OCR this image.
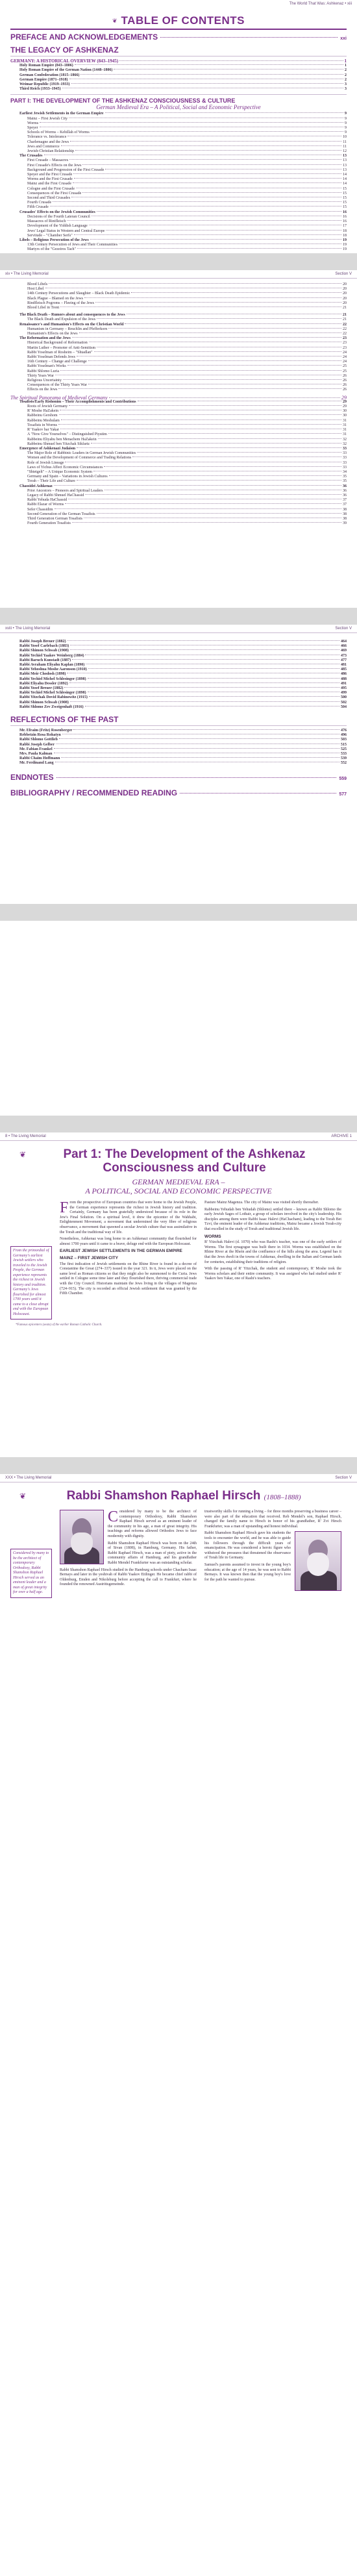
The World That Was: Ashkenaz • xiii
❦ TABLE OF CONTENTS
PREFACE AND ACKNOWLEDGEMENTS	xxi
THE LEGACY OF ASHKENAZ
GERMANY: A HISTORICAL OVERVIEW (843–1945)	1
Holy Roman Empire (843–1806)	1
Holy Roman Empire of the German Nation (1448–1806)	2
German Confederation (1815–1866)	2
German Empire (1871–1918)	2
Weimar Republic (1919–1933)	3
Third Reich (1933–1945)	3
PART I: THE DEVELOPMENT OF THE ASHKENAZ CONSCIOUSNESS & CULTURE
German Medieval Era – A Political, Social and Economic Perspective
Earliest Jewish Settlements in the German Empire	9
Mainz – First Jewish City	9
Worms	9
Speyer	9
Schools of Worms – Kehillah of Worms	9
Tolerance vs. Intolerance	10
Charlemagne and the Jews	11
Jews and Commerce	11
Jewish-Christian Relationship	12
The Crusades	13
First Crusade – Massacres	13
First Crusade's Effects on the Jews	13
Background and Progression of the First Crusade	13
Speyer and the First Crusade	14
Worms and the First Crusade	14
Mainz and the First Crusade	14
Cologne and the First Crusade	15
Consequences of the First Crusade	15
Second and Third Crusades	15
Fourth Crusade	15
Fifth Crusade	15
Crusades' Effects on the Jewish Communities	16
Decisions of the Fourth Lateran Council	16
Massacres of Rintfleisch	16
Development of the Yiddish Language	17
Jews' Legal Status in Western and Central Europe	18
Servitude – "Chamber Serfs"	18
Libels – Religious Persecution of the Jews	19
13th Century Persecution of Jews and Their Communities	19
Martyrs of the "Gezeiros Tach"	19
xiv • The Living Memorial	Section V
Blood Libels	20
Host Libel	20
14th Century Persecutions and Slaughter – Black Death Epidemic	20
Black Plague – Blamed on the Jews	20
Rindfleisch Pogroms – Fleeing of the Jews	20
Blood Libel in Trent	21
The Black Death – Rumors about and consequences to the Jews	21
The Black Death and Expulsion of the Jews	21
Renaissance's and Humanism's Effects on the Christian World	22
Humanism in Germany – Reuchlin and Pfefferkorn	22
Humanism's Effects on the Jews	22
The Reformation and the Jews	23
Historical Background of Reformation	23
Martin Luther – Promoter of Anti-Semitism	23
Rabbi Yoselman of Rosheim – "Shtadlan"	24
Rabbi Yoselman Defends Jews	24
16th Century – Change and Challenge	24
Rabbi Yoselman's Works	25
Rabbi Shlomo Luria	25
Thirty Years War	26
Religious Uncertainty	26
Consequences of the Thirty Years War	26
Effects on the Jews	26
The Spiritual Panorama of Medieval Germany	29
Tosafists/Early Rishonim – Their Accomplishments and Contributions	29
Roots of Jewish Germany	29
R' Moshe HaZakein	30
Rabbeinu Gershom	30
Rabbeinu Meshulam	31
Tosafists in Worms	31
R' Yaakov bar Yakar	31
A "Now Give Yourselves" – Distinguished Piyutim	31
Rabbeinu Eliyahu ben Menachem HaZakein	32
Rabbeinu Shmuel ben Yitzchak Sikfartz	32
Emergence of Ashkenazi Judaism	33
The Major Role of Rabbinic Leaders in German Jewish Communities	33
Women and the Development of Commerce and Trading Relations	33
Role of Jewish Lineage	33
Laws of Yichus Affect Economic Circumstances	33
"Shtetgelt" – A Unique Economic System	34
Germany and Spain – Variations in Jewish Cultures	35
Torah – Their Life and Culture	35
Chassidei Ashkenaz	36
Prior Ancestors – Pioneers and Spiritual Leaders	36
Legacy of Rabbi Shmuel HaChassid	36
Rabbi Yehuda HaChassid	37
Rabbi Elazar of Worms	37
Sefer Chassidim	38
Second Generation of the German Tosafists	38
Third Generation German Tosafists	38
Fourth Generation Tosafists	39
xviii • The Living Memorial	Section V
Rabbi Joseph Breuer (1882)	464
Rabbi Yosef Carlebach (1883)	466
Rabbi Shimon Schwab (1908)	469
Rabbi Yechiel Yaakov Weinberg (1884)	473
Rabbi Baruch Kunstadt (1887)	477
Rabbi Avraham Eliyahu Kaplan (1890)	481
Rabbi Yehoshua Moshe Aaronson (1910)	485
Rabbi Meir Chodosh (1898)	486
Rabbi Yechiel Michel Schlesinger (1898)	488
Rabbi Eliyahu Dessler (1892)	491
Rabbi Yosef Breuer (1882)	495
Rabbi Yechiel Michel Schlesinger (1898)	499
Rabbi Yitzchak Dovid Rabinowitz (1915)	500
Rabbi Shimon Schwab (1908)	502
Rabbi Shlomo Zev Zweigenhaft (1916)	504
REFLECTIONS OF THE PAST
Mr. Efraim (Fritz) Rosenberger	476
Rebbetzin Rosa Rohatyn	496
Rabbi Shlomo Gottlieb	503
Rabbi Joseph Gelber	515
Mr. Fabian Frankel	525
Mrs. Paula Kalman	533
Rabbi Chaim Hoffmann	539
Mr. Ferdinand Lang	552
ENDNOTES	559
BIBLIOGRAPHY / RECOMMENDED READING	577
8 • The Living Memorial	ARCHIVE 1
❦	Part 1: The Development of the Ashkenaz Consciousness and Culture
GERMAN MEDIEVAL ERA –
A POLITICAL, SOCIAL AND ECONOMIC PERSPECTIVE
From the primordial of Germany's earliest Jewish settlers who traveled to the Jewish People, the German experience represents the richest in Jewish history and tradition. Germany's Jews flourished for almost 1700 years until it came to a close abrupt end with the European Holocaust.

From the prospective of European countries that were home to the Jewish People, the German experience represents the richest in Jewish history and tradition. Certainly, Germany has been gratefully understood because of its role in the Jew's Final Solution. On a spiritual level, it drew the epicenter of the Wahhabi, Enlightenment Movement, a movement that undermined the very fibre of religious observance, a movement that spawned a secular Jewish culture that was assimilative in the Torah and the traditional way of life.

Nonetheless, Ashkenaz was long home to an Ashkenazi community that flourished for almost 1700 years until it came to a brave, deluge end with the European Holocaust.

EARLIEST JEWISH SETTLEMENTS IN THE GERMAN EMPIRE
MAINZ – FIRST JEWISH CITY

The first indication of Jewish settlements on the Rhine River is found in a decree of Constantine the Great (274–337) issued in the year 321. In it, Jews were placed on the same level as Roman citizens so that they might also be summoned to the Curia. Jews settled in Cologne some time later and they flourished there, thriving commercial trade with the City Council. Historians maintain the Jews living in the villages of Magenza (724–915). The city is recorded an official Jewish settlement that was granted by the Fifth Chamber.

Pasture Mainz Magenza. The city of Mainz was visited shortly thereafter.

Rabbeinu Yehudah ben Yehudah (Shlomo) settled there – known as Rabbi Shlomo the early Jewish Sages of Lothair, a group of scholars involved in the city's leadership. His disciples among them were Rabbi Isaac Halevi (HaChacham), leading to the Torah Bet Tzvi, the eminent leader of the Ashkenaz traditions, Mainz became a Jewish Torah-city that excelled in the study of Torah and traditional Jewish life.

WORMS

R' Yitzchak Halevi (d. 1070) who was Rashi's teacher, was one of the early settlers of Worms. The first synagogue was built there in 1034. Worms was established on the Rhine River at the Rhein and the confluence of the hills along the area. Legend has it that the Jews dwelt in the towns of Ashkenaz, dwelling in the Italian and German lands for centuries, establishing their traditions of religion.

With the passing of R' Yitzchak, the student and contemporary, R' Moshe took the Worms scholars and their entire community. It was assigned who had studied under R' Yaakov ben Yakar, one of Rashi's teachers.

*Famous epicenters (seats) of the earlier Roman Catholic Church.
XXX • The Living Memorial	Section V
❦	Rabbi Shamshon Raphael Hirsch (1808–1888)
Considered by many to be the architect of contemporary Orthodoxy, Rabbi Shamshon Raphael Hirsch served as an eminent leader and a man of great integrity for over a half age.

Considered by many to be the architect of contemporary Orthodoxy, Rabbi Shamshon Raphael Hirsch served as an eminent leader of the community in his age, a man of great integrity. His teachings and reforms allowed Orthodox Jews to face modernity with dignity.

Rabbi Shamshon Raphael Hirsch was born on the 24th of Sivan (1808), in Hamburg, Germany. His father, Rabbi Raphael Hirsch, was a man of piety, active in the community affairs of Hamburg, and his grandfather Rabbi Mendel Frankfurter was an outstanding scholar.

Rabbi Shamshon Raphael Hirsch studied in the Hamburg schools under Chacham Isaac Bernays and later in the yeshivah of Rabbi Yaakov Ettlinger. He became chief rabbi of Oldenburg, Emden and Nikolsburg before accepting the call to Frankfurt, where he founded the renowned Austrittsgemeinde.

trustworthy skills for running a living – for three months preserving a business career – were also part of the education that received. Reb Mendel's son, Raphael Hirsch, changed the family name to Hirsch in honor of his grandfather, R' Zvi Hirsch Frankfurter, was a man of upstanding and honest individual.

Rabbi Shamshon Raphael Hirsch gave his students the tools to encounter the world, and he was able to guide his followers through the difficult years of emancipation. He was considered a heroic figure who withstood the pressures that threatened the observance of Torah life in Germany.

Samuel's parents assumed to invest in the young boy's education; at the age of 14 years, he was sent to Rabbi Bernays. It was known then that the young boy's love for the path he wanted to pursue.
